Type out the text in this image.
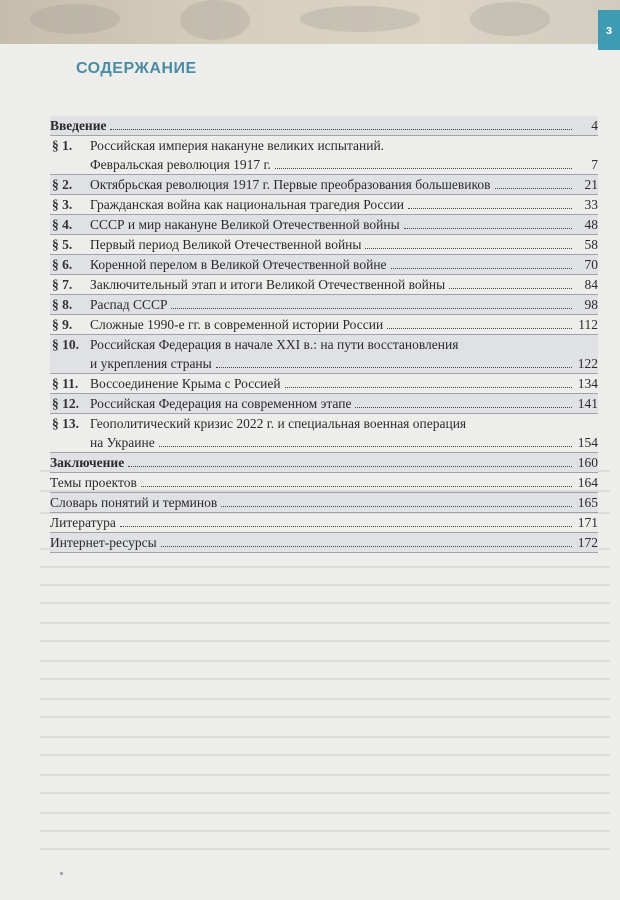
з
СОДЕРЖАНИЕ
Введение	4
§ 1.	Российская империя накануне великих испытаний.
Февральская революция 1917 г.	7
§ 2.	Октябрьская революция 1917 г. Первые преобразования большевиков	21
§ 3.	Гражданская война как национальная трагедия России	33
§ 4.	СССР и мир накануне Великой Отечественной войны	48
§ 5.	Первый период Великой Отечественной войны	58
§ 6.	Коренной перелом в Великой Отечественной войне	70
§ 7.	Заключительный этап и итоги Великой Отечественной войны	84
§ 8.	Распад СССР	98
§ 9.	Сложные 1990-е гг. в современной истории России	112
§ 10. Российская Федерация в начале XXI в.: на пути восстановления
и укрепления страны	122
§ 11. Воссоединение Крыма с Россией	134
§ 12. Российская Федерация на современном этапе	141
§ 13. Геополитический кризис 2022 г. и специальная военная операция
на Украине	154
Заключение	160
Темы проектов	164
Словарь понятий и терминов	165
Литература	171
Интернет-ресурсы	172
